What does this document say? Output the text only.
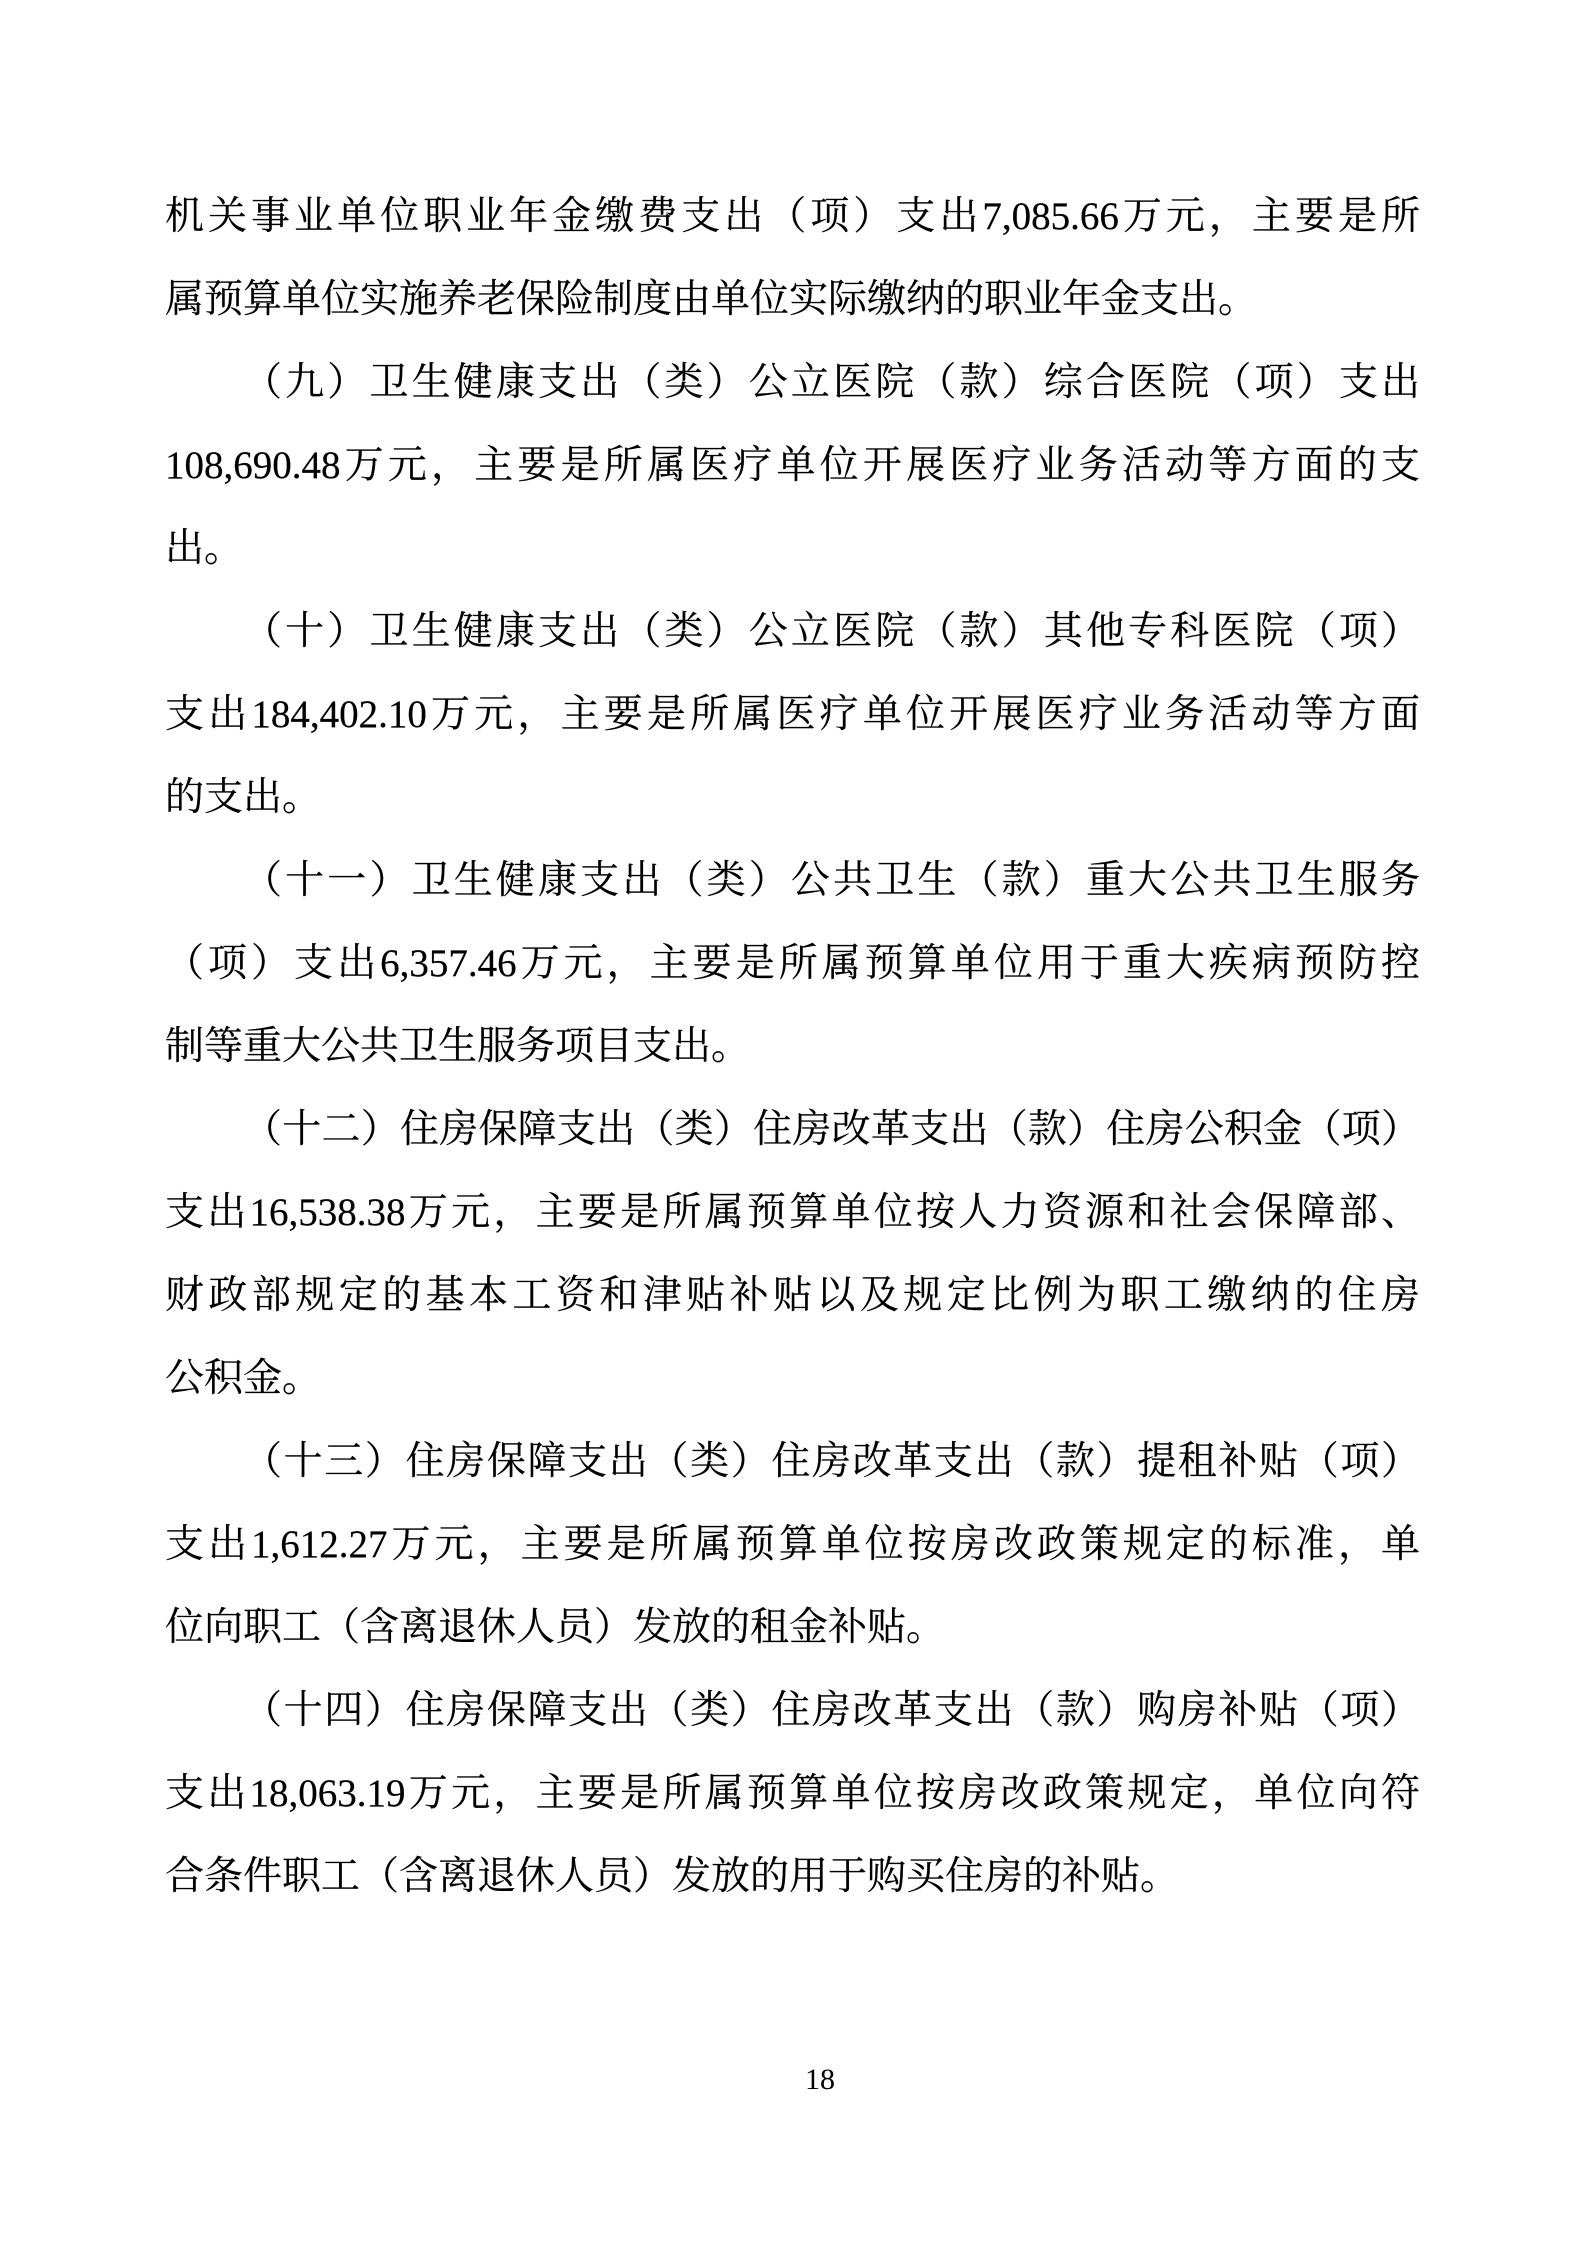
机关事业单位职业年金缴费支出（项）支出7,085.66万元，主要是所
属预算单位实施养老保险制度由单位实际缴纳的职业年金支出。
（九）卫生健康支出（类）公立医院（款）综合医院（项）支出
108,690.48万元，主要是所属医疗单位开展医疗业务活动等方面的支
出。
（十）卫生健康支出（类）公立医院（款）其他专科医院（项）
支出184,402.10万元，主要是所属医疗单位开展医疗业务活动等方面
的支出。
（十一）卫生健康支出（类）公共卫生（款）重大公共卫生服务
（项）支出6,357.46万元，主要是所属预算单位用于重大疾病预防控
制等重大公共卫生服务项目支出。
（十二）住房保障支出（类）住房改革支出（款）住房公积金（项）
支出16,538.38万元，主要是所属预算单位按人力资源和社会保障部、
财政部规定的基本工资和津贴补贴以及规定比例为职工缴纳的住房
公积金。
（十三）住房保障支出（类）住房改革支出（款）提租补贴（项）
支出1,612.27万元，主要是所属预算单位按房改政策规定的标准，单
位向职工（含离退休人员）发放的租金补贴。
（十四）住房保障支出（类）住房改革支出（款）购房补贴（项）
支出18,063.19万元，主要是所属预算单位按房改政策规定，单位向符
合条件职工（含离退休人员）发放的用于购买住房的补贴。
18
